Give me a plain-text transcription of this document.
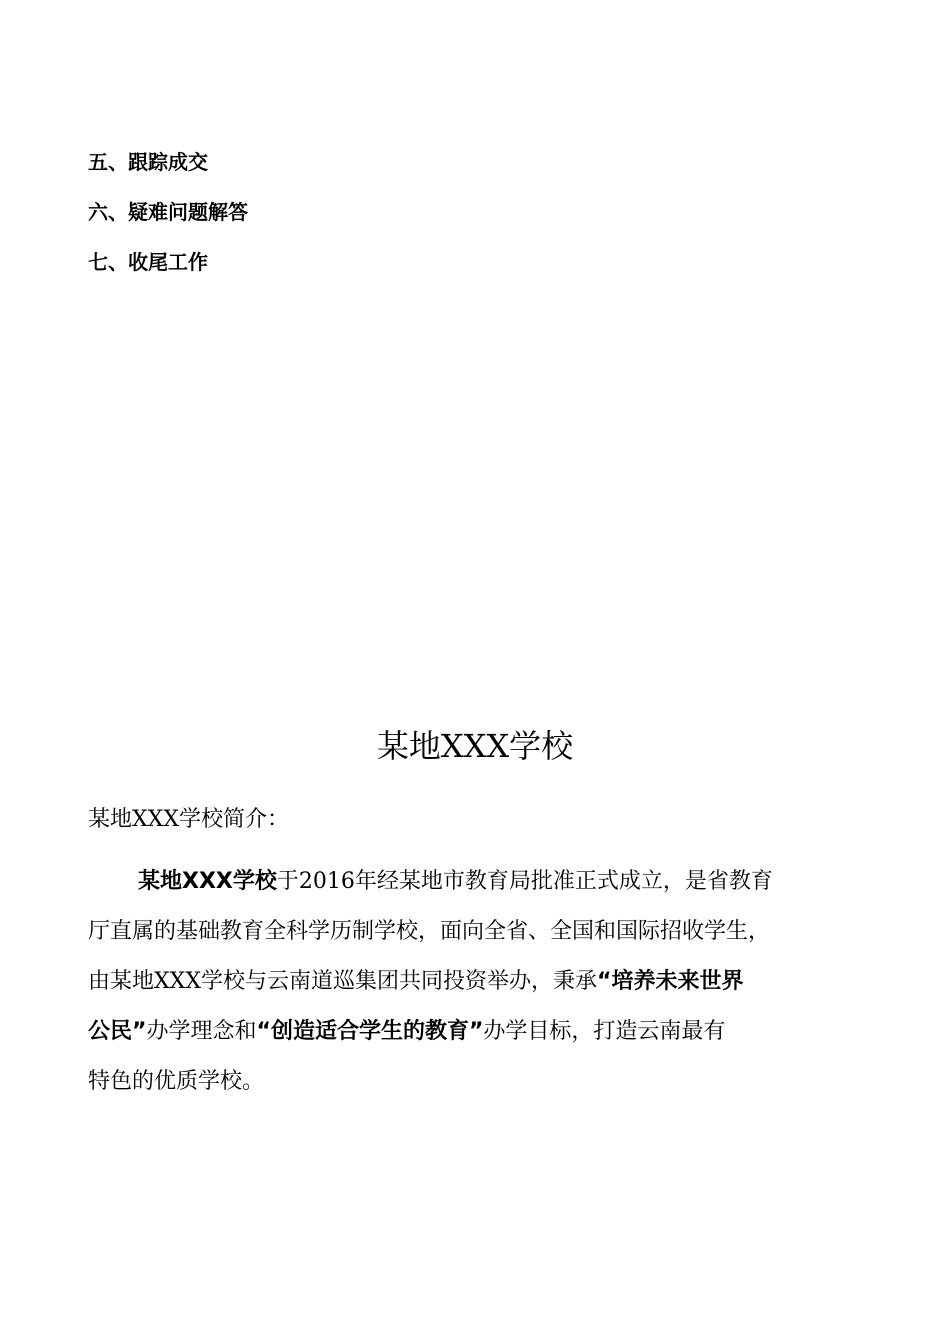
五、跟踪成交
六、疑难问题解答
七、收尾工作
某地XXX学校
某地XXX学校简介：
某地XXX学校于2016年经某地市教育局批准正式成立，是省教育
厅直属的基础教育全科学历制学校，面向全省、全国和国际招收学生，
由某地XXX学校与云南道巡集团共同投资举办，秉承“培养未来世界
公民”办学理念和“创造适合学生的教育”办学目标，打造云南最有
特色的优质学校。
